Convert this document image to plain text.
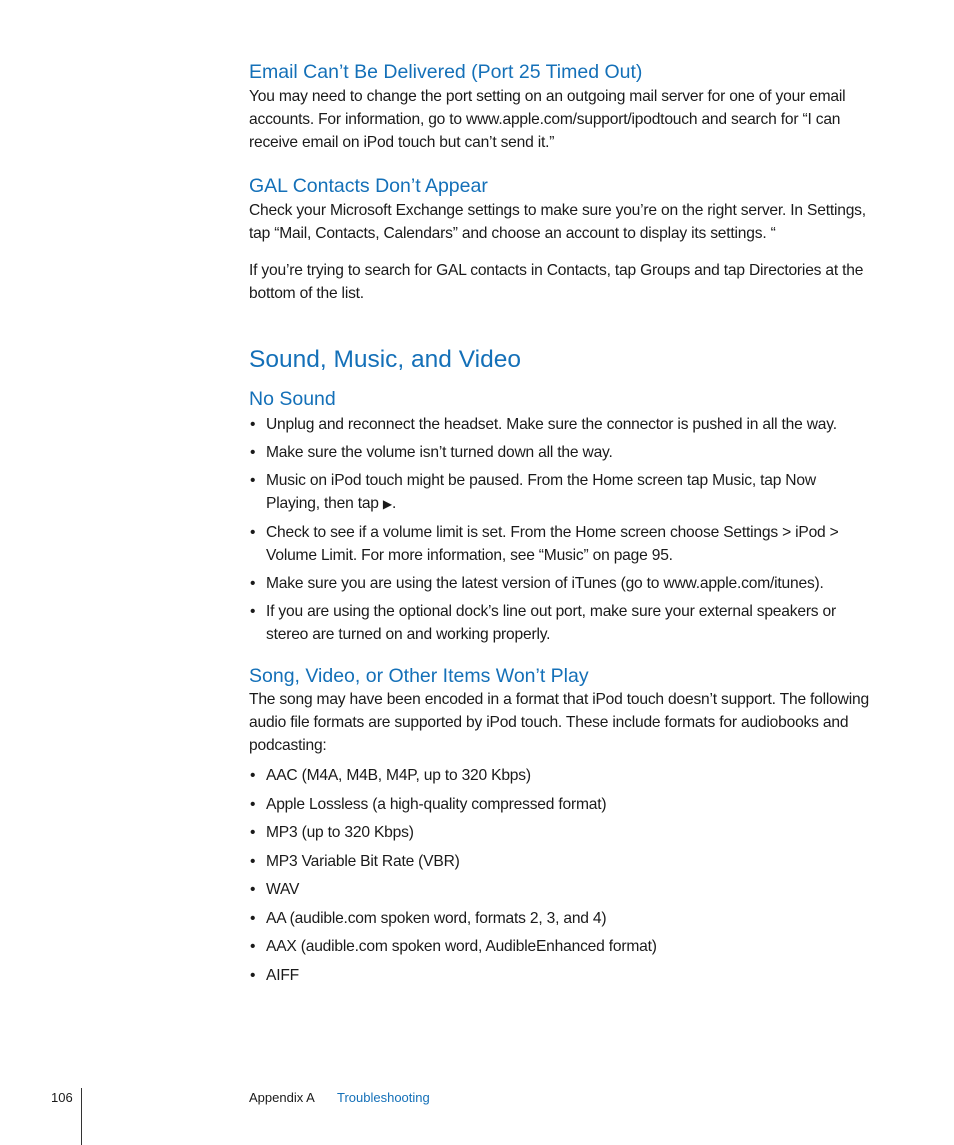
Email Can’t Be Delivered (Port 25 Timed Out)

You may need to change the port setting on an outgoing mail server for one of your email accounts. For information, go to www.apple.com/support/ipodtouch and search for “I can receive email on iPod touch but can’t send it.”

GAL Contacts Don’t Appear

Check your Microsoft Exchange settings to make sure you’re on the right server. In Settings, tap “Mail, Contacts, Calendars” and choose an account to display its settings. “

If you’re trying to search for GAL contacts in Contacts, tap Groups and tap Directories at the bottom of the list.

Sound, Music, and Video
No Sound
• Unplug and reconnect the headset. Make sure the connector is pushed in all the way.
• Make sure the volume isn’t turned down all the way.
• Music on iPod touch might be paused. From the Home screen tap Music, tap Now Playing, then tap ▶.
• Check to see if a volume limit is set. From the Home screen choose Settings > iPod > Volume Limit. For more information, see “Music” on page 95.
• Make sure you are using the latest version of iTunes (go to www.apple.com/itunes).
• If you are using the optional dock’s line out port, make sure your external speakers or stereo are turned on and working properly.
Song, Video, or Other Items Won’t Play

The song may have been encoded in a format that iPod touch doesn’t support. The following audio file formats are supported by iPod touch. These include formats for audiobooks and podcasting:

• AAC (M4A, M4B, M4P, up to 320 Kbps)
• Apple Lossless (a high-quality compressed format)
• MP3 (up to 320 Kbps)
• MP3 Variable Bit Rate (VBR)
• WAV
• AA (audible.com spoken word, formats 2, 3, and 4)
• AAX (audible.com spoken word, AudibleEnhanced format)
• AIFF
106	Appendix A Troubleshooting
